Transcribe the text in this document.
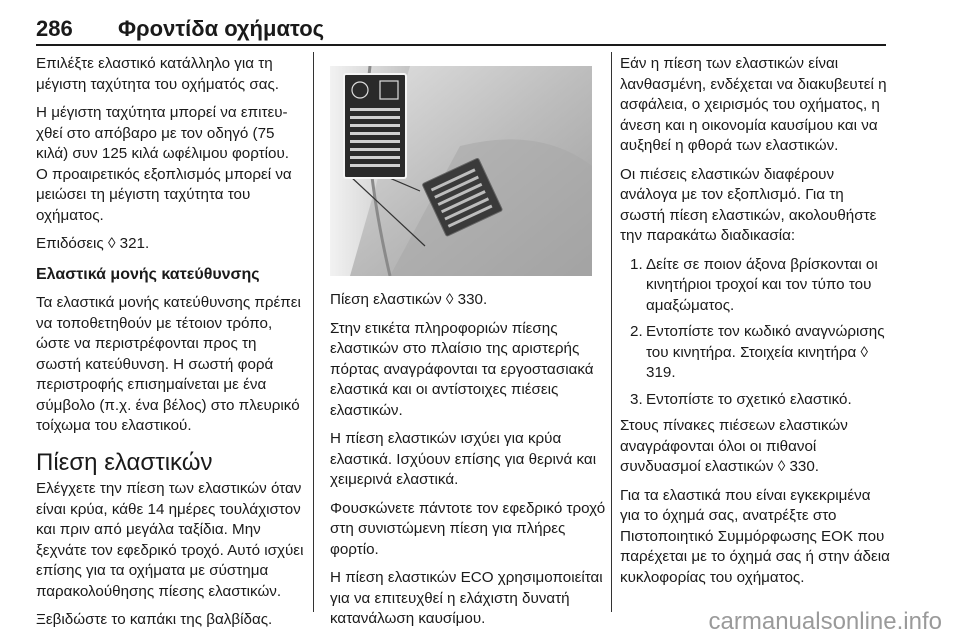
286 Φροντίδα οχήματος

Επιλέξτε ελαστικό κατάλληλο για τη μέγιστη ταχύτητα του οχήματός σας.

Η μέγιστη ταχύτητα μπορεί να επιτευχθεί στο απόβαρο με τον οδηγό (75 κιλά) συν 125 κιλά ωφέλιμου φορτίου. Ο προαιρετικός εξοπλισμός μπορεί να μειώσει τη μέγιστη ταχύτητα του οχήματος.

Επιδόσεις ◊ 321.

Ελαστικά μονής κατεύθυνσης

Τα ελαστικά μονής κατεύθυνσης πρέπει να τοποθετηθούν με τέτοιον τρόπο, ώστε να περιστρέφονται προς τη σωστή κατεύθυνση. Η σωστή φορά περιστροφής επισημαίνεται με ένα σύμβολο (π.χ. ένα βέλος) στο πλευρικό τοίχωμα του ελαστικού.

Πίεση ελαστικών

Ελέγχετε την πίεση των ελαστικών όταν είναι κρύα, κάθε 14 ημέρες τουλάχιστον και πριν από μεγάλα ταξίδια. Μην ξεχνάτε τον εφεδρικό τροχό. Αυτό ισχύει επίσης για τα οχήματα με σύστημα παρακολούθησης πίεσης ελαστικών.

Ξεβιδώστε το καπάκι της βαλβίδας.

Πίεση ελαστικών ◊ 330.

Στην ετικέτα πληροφοριών πίεσης ελαστικών στο πλαίσιο της αριστερής πόρτας αναγράφονται τα εργοστασιακά ελαστικά και οι αντίστοιχες πιέσεις ελαστικών.

Η πίεση ελαστικών ισχύει για κρύα ελαστικά. Ισχύουν επίσης για θερινά και χειμερινά ελαστικά.

Φουσκώνετε πάντοτε τον εφεδρικό τροχό στη συνιστώμενη πίεση για πλήρες φορτίο.

Η πίεση ελαστικών ECO χρησιμοποιείται για να επιτευχθεί η ελάχιστη δυνατή κατανάλωση καυσίμου.

Εάν η πίεση των ελαστικών είναι λανθασμένη, ενδέχεται να διακυβευτεί η ασφάλεια, ο χειρισμός του οχήματος, η άνεση και η οικονομία καυσίμου και να αυξηθεί η φθορά των ελαστικών.

Οι πιέσεις ελαστικών διαφέρουν ανάλογα με τον εξοπλισμό. Για τη σωστή πίεση ελαστικών, ακολουθήστε την παρακάτω διαδικασία:

1. Δείτε σε ποιον άξονα βρίσκονται οι κινητήριοι τροχοί και τον τύπο του αμαξώματος.
2. Εντοπίστε τον κωδικό αναγνώρισης του κινητήρα. Στοιχεία κινητήρα ◊ 319.
3. Εντοπίστε το σχετικό ελαστικό.

Στους πίνακες πιέσεων ελαστικών αναγράφονται όλοι οι πιθανοί συνδυασμοί ελαστικών ◊ 330.

Για τα ελαστικά που είναι εγκεκριμένα για το όχημά σας, ανατρέξτε στο Πιστοποιητικό Συμμόρφωσης ΕΟΚ που παρέχεται με το όχημά σας ή στην άδεια κυκλοφορίας του οχήματος.

carmanualsonline.info
